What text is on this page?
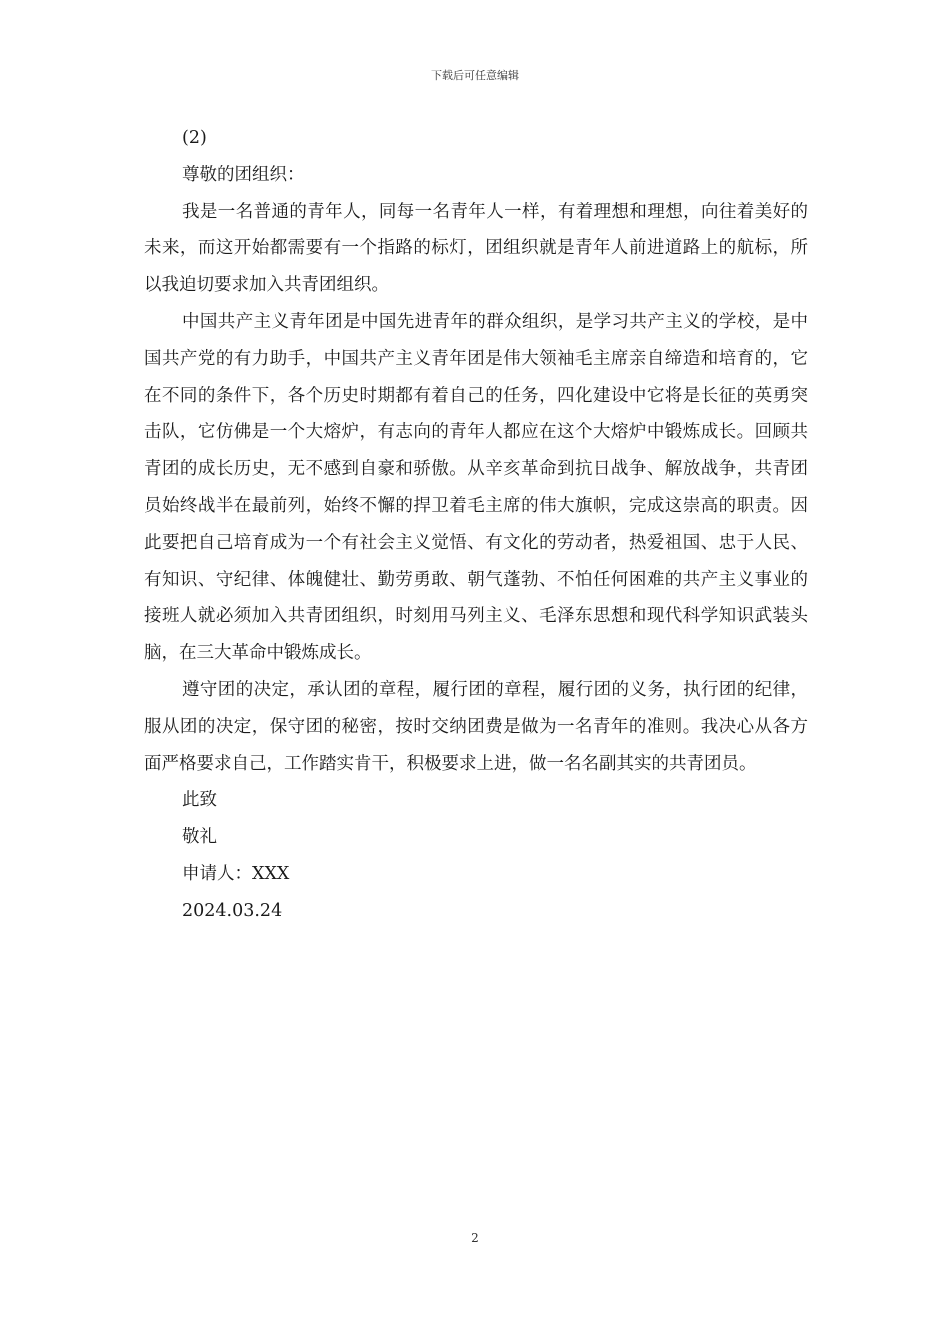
下载后可任意编辑

(2)

尊敬的团组织：

我是一名普通的青年人，同每一名青年人一样，有着理想和理想，向往着美好的未来，而这开始都需要有一个指路的标灯，团组织就是青年人前进道路上的航标，所以我迫切要求加入共青团组织。

中国共产主义青年团是中国先进青年的群众组织，是学习共产主义的学校，是中国共产党的有力助手，中国共产主义青年团是伟大领袖毛主席亲自缔造和培育的，它在不同的条件下，各个历史时期都有着自己的任务，四化建设中它将是长征的英勇突击队，它仿佛是一个大熔炉，有志向的青年人都应在这个大熔炉中锻炼成长。回顾共青团的成长历史，无不感到自豪和骄傲。从辛亥革命到抗日战争、解放战争，共青团员始终战半在最前列，始终不懈的捍卫着毛主席的伟大旗帜，完成这崇高的职责。因此要把自己培育成为一个有社会主义觉悟、有文化的劳动者，热爱祖国、忠于人民、有知识、守纪律、体魄健壮、勤劳勇敢、朝气蓬勃、不怕任何困难的共产主义事业的接班人就必须加入共青团组织，时刻用马列主义、毛泽东思想和现代科学知识武装头脑，在三大革命中锻炼成长。

遵守团的决定，承认团的章程，履行团的章程，履行团的义务，执行团的纪律，服从团的决定，保守团的秘密，按时交纳团费是做为一名青年的准则。我决心从各方面严格要求自己，工作踏实肯干，积极要求上进，做一名名副其实的共青团员。

此致

敬礼

申请人：XXX

2024.03.24

2
